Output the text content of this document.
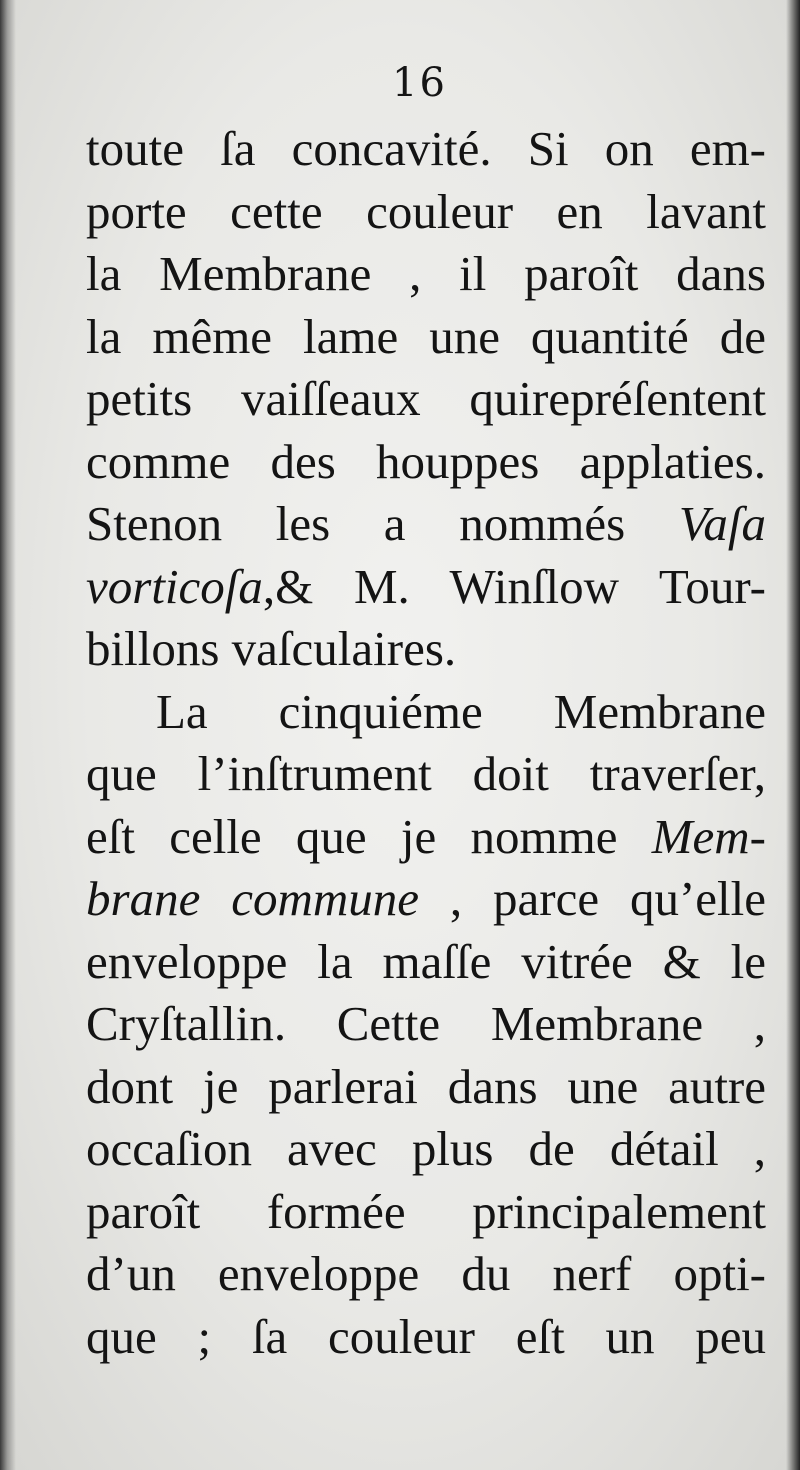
16
toute ſa concavité. Si on em-
porte cette couleur en lavant
la Membrane , il paroît dans
la même lame une quantité de
petits vaiſſeaux quirepréſentent
comme des houppes applaties.
Stenon les a nommés Vaſa
vorticoſa,& M. Winſlow Tour-
billons vaſculaires.
La cinquiéme Membrane
que l’inſtrument doit traverſer,
eſt celle que je nomme Mem-
brane commune , parce qu’elle
enveloppe la maſſe vitrée & le
Cryſtallin. Cette Membrane ,
dont je parlerai dans une autre
occaſion avec plus de détail ,
paroît formée principalement
d’un enveloppe du nerf opti-
que ; ſa couleur eſt un peu
